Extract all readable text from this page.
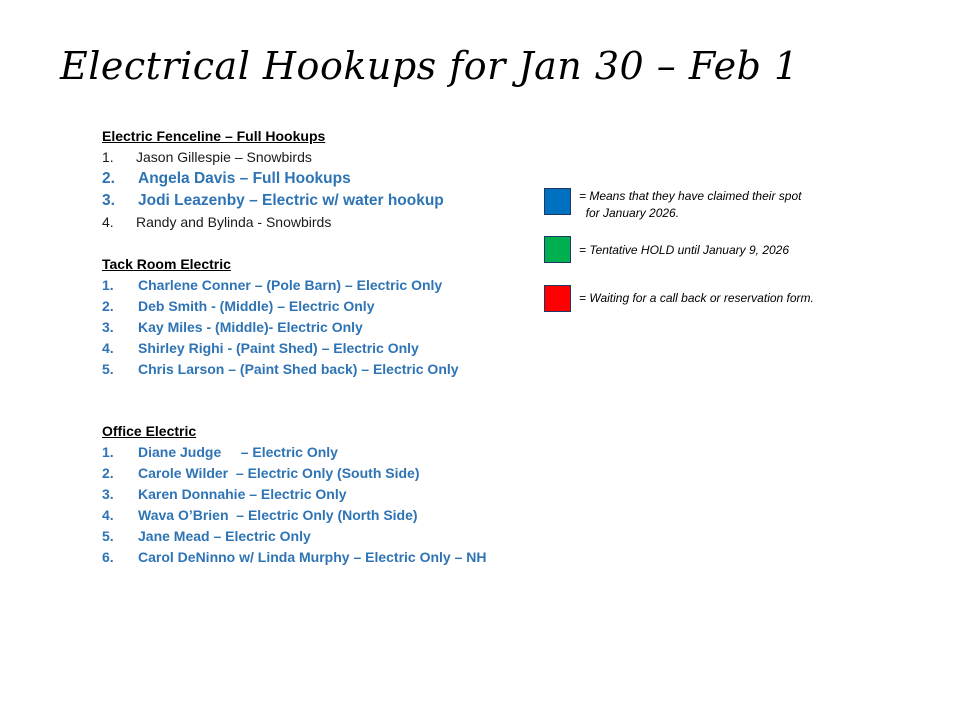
Electrical Hookups for Jan 30 – Feb 1
Electric Fenceline – Full Hookups
1. Jason Gillespie – Snowbirds
2. Angela Davis – Full Hookups
3. Jodi Leazenby – Electric w/ water hookup
4. Randy and Bylinda - Snowbirds
Tack Room Electric
1. Charlene Conner – (Pole Barn) – Electric Only
2. Deb Smith - (Middle) – Electric Only
3. Kay Miles - (Middle)- Electric Only
4. Shirley Righi - (Paint Shed) – Electric Only
5. Chris Larson – (Paint Shed back) – Electric Only
Office Electric
1. Diane Judge     – Electric Only
2. Carole Wilder  – Electric Only (South Side)
3. Karen Donnahie – Electric Only
4. Wava O’Brien  – Electric Only (North Side)
5. Jane Mead – Electric Only
6. Carol DeNinno w/ Linda Murphy – Electric Only – NH
= Means that they have claimed their spot
for January 2026.
= Tentative HOLD until January 9, 2026
= Waiting for a call back or reservation form.
